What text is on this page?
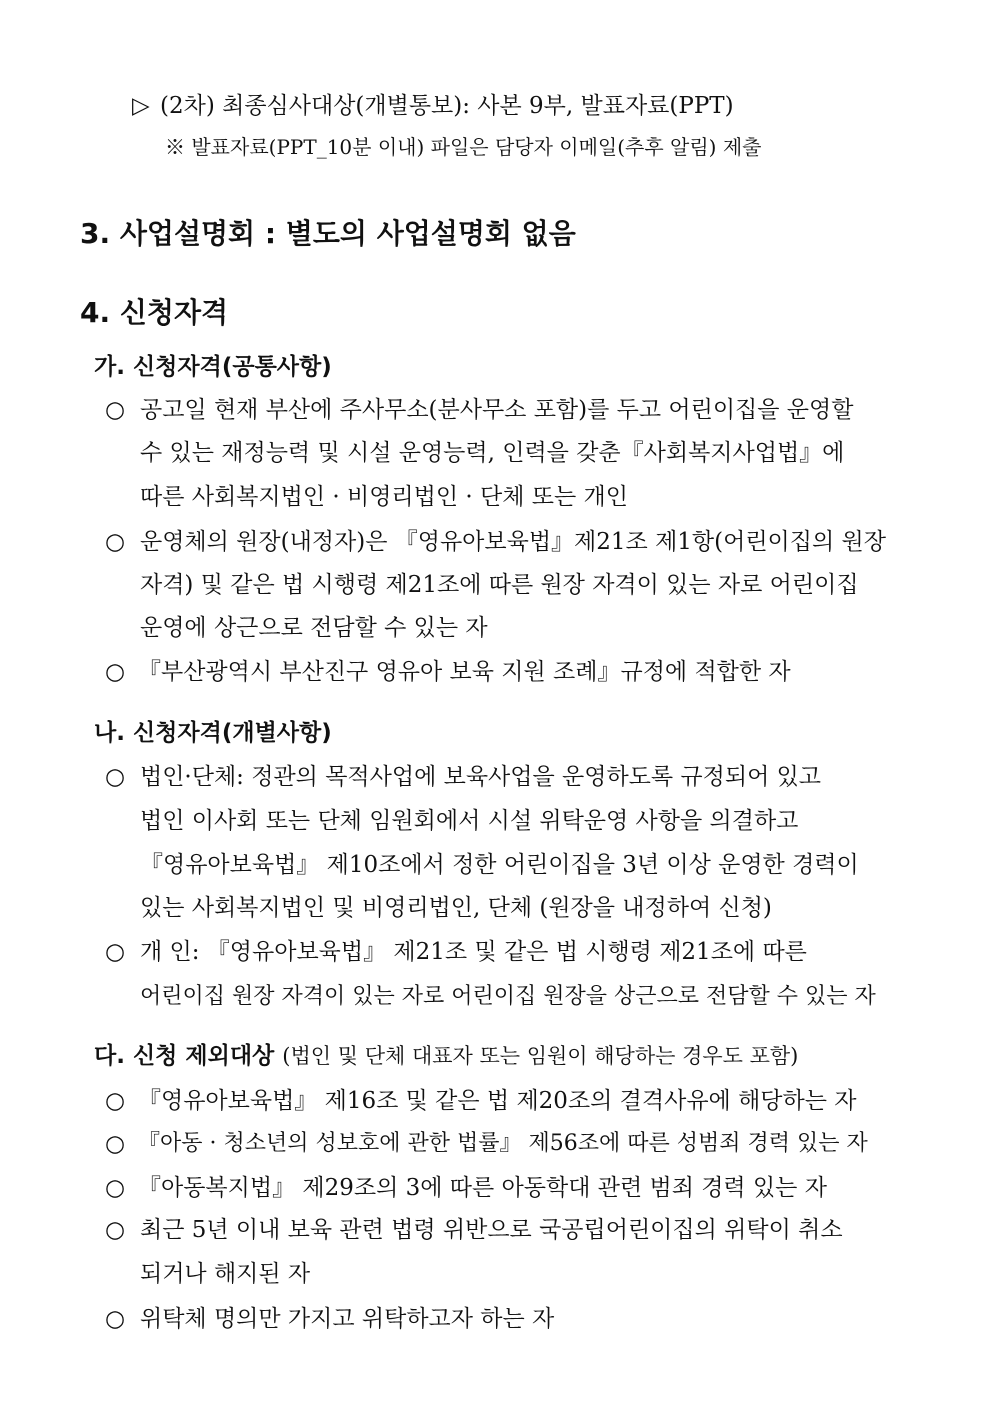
▷ (2차) 최종심사대상(개별통보): 사본 9부, 발표자료(PPT)
※ 발표자료(PPT_10분 이내) 파일은 담당자 이메일(추후 알림) 제출
3. 사업설명회 : 별도의 사업설명회 없음
4. 신청자격
가. 신청자격(공통사항)
○ 공고일 현재 부산에 주사무소(분사무소 포함)를 두고 어린이집을 운영할
수 있는 재정능력 및 시설 운영능력, 인력을 갖춘『사회복지사업법』에
따른 사회복지법인 · 비영리법인 · 단체 또는 개인
○ 운영체의 원장(내정자)은 『영유아보육법』제21조 제1항(어린이집의 원장
자격) 및 같은 법 시행령 제21조에 따른 원장 자격이 있는 자로 어린이집
운영에 상근으로 전담할 수 있는 자
○ 『부산광역시 부산진구 영유아 보육 지원 조례』규정에 적합한 자
나. 신청자격(개별사항)
○ 법인·단체: 정관의 목적사업에 보육사업을 운영하도록 규정되어 있고
법인 이사회 또는 단체 임원회에서 시설 위탁운영 사항을 의결하고
『영유아보육법』 제10조에서 정한 어린이집을 3년 이상 운영한 경력이
있는 사회복지법인 및 비영리법인, 단체 (원장을 내정하여 신청)
○ 개 인: 『영유아보육법』 제21조 및 같은 법 시행령 제21조에 따른
어린이집 원장 자격이 있는 자로 어린이집 원장을 상근으로 전담할 수 있는 자
다. 신청 제외대상 (법인 및 단체 대표자 또는 임원이 해당하는 경우도 포함)
○ 『영유아보육법』 제16조 및 같은 법 제20조의 결격사유에 해당하는 자
○ 『아동 · 청소년의 성보호에 관한 법률』 제56조에 따른 성범죄 경력 있는 자
○ 『아동복지법』 제29조의 3에 따른 아동학대 관련 범죄 경력 있는 자
○ 최근 5년 이내 보육 관련 법령 위반으로 국공립어린이집의 위탁이 취소
되거나 해지된 자
○ 위탁체 명의만 가지고 위탁하고자 하는 자
